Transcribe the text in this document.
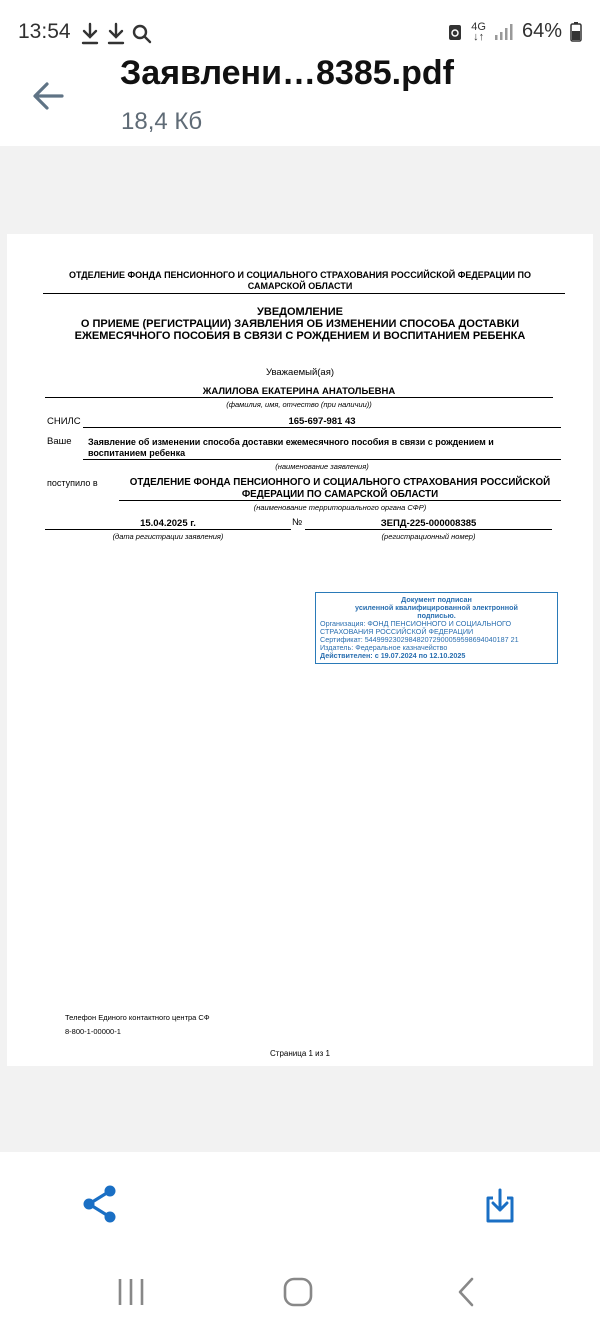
13:54	4G
↓↑ 64%
Заявлени…8385.pdf
18,4 Кб
ОТДЕЛЕНИЕ ФОНДА ПЕНСИОННОГО И СОЦИАЛЬНОГО СТРАХОВАНИЯ РОССИЙСКОЙ ФЕДЕРАЦИИ ПО
САМАРСКОЙ ОБЛАСТИ
УВЕДОМЛЕНИЕ
О ПРИЕМЕ (РЕГИСТРАЦИИ) ЗАЯВЛЕНИЯ ОБ ИЗМЕНЕНИИ СПОСОБА ДОСТАВКИ
ЕЖЕМЕСЯЧНОГО ПОСОБИЯ В СВЯЗИ С РОЖДЕНИЕМ И ВОСПИТАНИЕМ РЕБЕНКА
Уважаемый(ая)
ЖАЛИЛОВА ЕКАТЕРИНА АНАТОЛЬЕВНА
(фамилия, имя, отчество (при наличии))
СНИЛС	165-697-981 43
Ваше Заявление об изменении способа доставки ежемесячного пособия в связи с рождением и
воспитанием ребенка
(наименование заявления)
поступило в	ОТДЕЛЕНИЕ ФОНДА ПЕНСИОННОГО И СОЦИАЛЬНОГО СТРАХОВАНИЯ РОССИЙСКОЙ
ФЕДЕРАЦИИ ПО САМАРСКОЙ ОБЛАСТИ
(наименование территориального органа СФР)
15.04.2025 г.	№	ЗЕПД-225-000008385
(дата регистрации заявления)	(регистрационный номер)
Документ подписан
усиленной квалифицированной электронной
подписью.
Организация: ФОНД ПЕНСИОННОГО И СОЦИАЛЬНОГО
СТРАХОВАНИЯ РОССИЙСКОЙ ФЕДЕРАЦИИ
Сертификат: 544999230298482072900059598694040187 21
Издатель: Федеральное казначейство
Действителен: с 19.07.2024 по 12.10.2025
Телефон Единого контактного центра СФ
8-800-1-00000-1
Страница 1 из 1
